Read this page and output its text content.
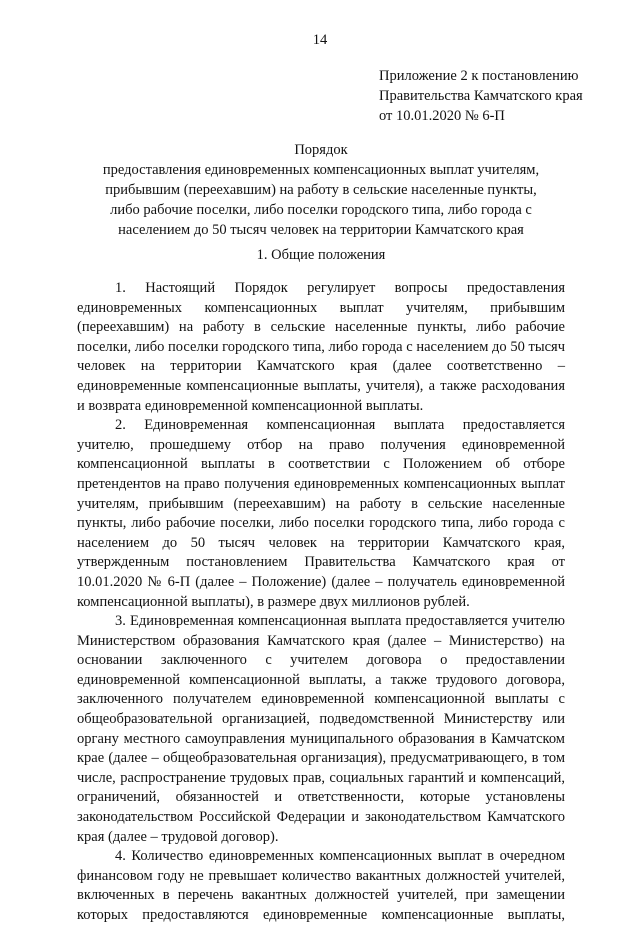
14
Приложение 2 к постановлению
Правительства Камчатского края
от 10.01.2020 № 6-П
Порядок
предоставления единовременных компенсационных выплат учителям,
прибывшим (переехавшим) на работу в сельские населенные пункты,
либо рабочие поселки, либо поселки городского типа, либо города с
населением до 50 тысяч человек на территории Камчатского края
1. Общие положения

1. Настоящий Порядок регулирует вопросы предоставления единовременных компенсационных выплат учителям, прибывшим (переехавшим) на работу в сельские населенные пункты, либо рабочие поселки, либо поселки городского типа, либо города с населением до 50 тысяч человек на территории Камчатского края (далее соответственно – единовременные компенсационные выплаты, учителя), а также расходования и возврата единовременной компенсационной выплаты.

2. Единовременная компенсационная выплата предоставляется учителю, прошедшему отбор на право получения единовременной компенсационной выплаты в соответствии с Положением об отборе претендентов на право получения единовременных компенсационных выплат учителям, прибывшим (переехавшим) на работу в сельские населенные пункты, либо рабочие поселки, либо поселки городского типа, либо города с населением до 50 тысяч человек на территории Камчатского края, утвержденным постановлением Правительства Камчатского края от 10.01.2020 № 6-П (далее – Положение) (далее – получатель единовременной компенсационной выплаты), в размере двух миллионов рублей.

3. Единовременная компенсационная выплата предоставляется учителю Министерством образования Камчатского края (далее – Министерство) на основании заключенного с учителем договора о предоставлении единовременной компенсационной выплаты, а также трудового договора, заключенного получателем единовременной компенсационной выплаты с общеобразовательной организацией, подведомственной Министерству или органу местного самоуправления муниципального образования в Камчатском крае (далее – общеобразовательная организация), предусматривающего, в том числе, распространение трудовых прав, социальных гарантий и компенсаций, ограничений, обязанностей и ответственности, которые установлены законодательством Российской Федерации и законодательством Камчатского края (далее – трудовой договор).

4. Количество единовременных компенсационных выплат в очередном финансовом году не превышает количество вакантных должностей учителей, включенных в перечень вакантных должностей учителей, при замещении которых предоставляются единовременные компенсационные выплаты,
